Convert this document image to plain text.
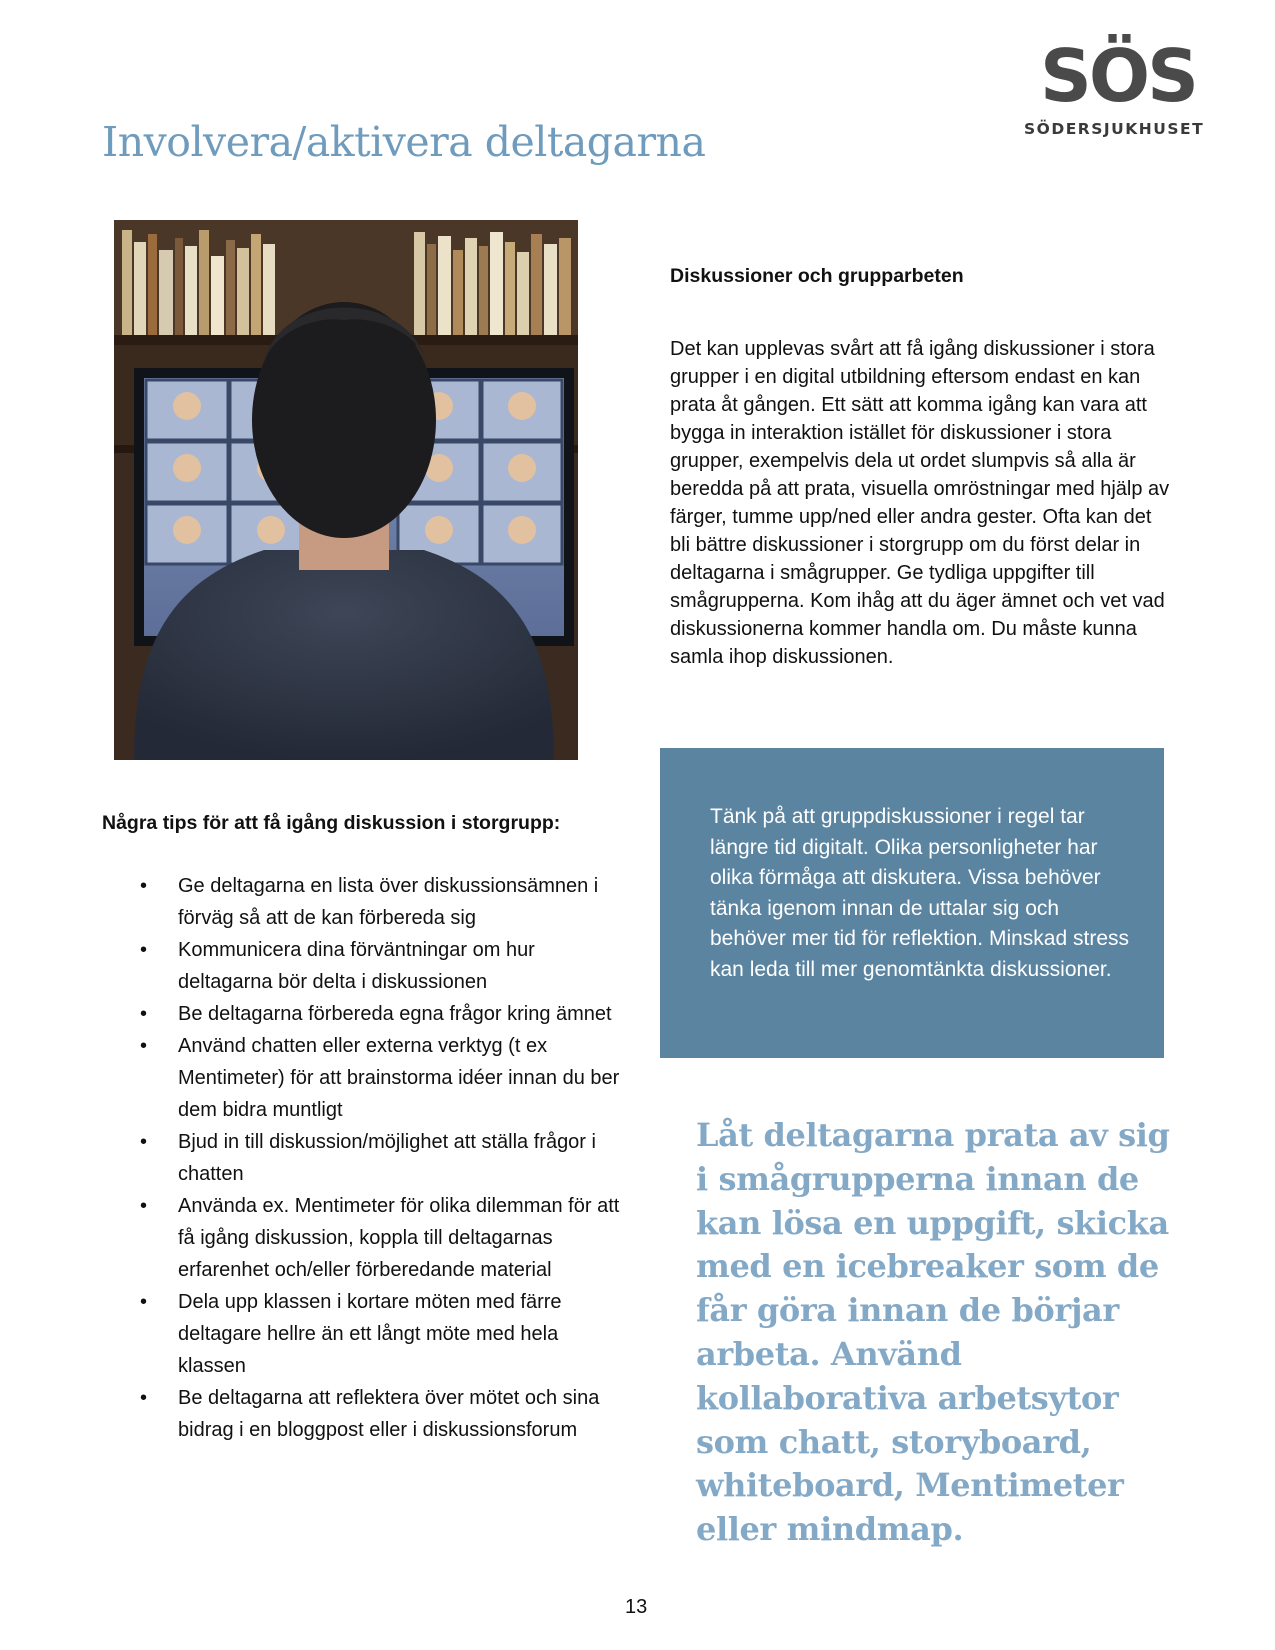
SÖS
SÖDERSJUKHUSET
Involvera/aktivera deltagarna
Diskussioner och grupparbeten

Det kan upplevas svårt att få igång diskussioner i stora grupper i en digital utbildning eftersom endast en kan prata åt gången. Ett sätt att komma igång kan vara att bygga in interaktion istället för diskussioner i stora grupper, exempelvis dela ut ordet slumpvis så alla är beredda på att prata, visuella omröstningar med hjälp av färger, tumme upp/ned eller andra gester. Ofta kan det bli bättre diskussioner i storgrupp om du först delar in deltagarna i smågrupper. Ge tydliga uppgifter till smågrupperna. Kom ihåg att du äger ämnet och vet vad diskussionerna kommer handla om. Du måste kunna samla ihop diskussionen.

Några tips för att få igång diskussion i storgrupp:
• Ge deltagarna en lista över diskussionsämnen i förväg så att de kan förbereda sig
• Kommunicera dina förväntningar om hur deltagarna bör delta i diskussionen
• Be deltagarna förbereda egna frågor kring ämnet
• Använd chatten eller externa verktyg (t ex Mentimeter) för att brainstorma idéer innan du ber dem bidra muntligt
• Bjud in till diskussion/möjlighet att ställa frågor i chatten
• Använda ex. Mentimeter för olika dilemman för att få igång diskussion, koppla till deltagarnas erfarenhet och/eller förberedande material
• Dela upp klassen i kortare möten med färre deltagare hellre än ett långt möte med hela klassen
• Be deltagarna att reflektera över mötet och sina bidrag i en bloggpost eller i diskussionsforum

Tänk på att gruppdiskussioner i regel tar längre tid digitalt. Olika personligheter har olika förmåga att diskutera. Vissa behöver tänka igenom innan de uttalar sig och behöver mer tid för reflektion. Minskad stress kan leda till mer genomtänkta diskussioner.

Låt deltagarna prata av sig i smågrupperna innan de kan lösa en uppgift, skicka med en icebreaker som de får göra innan de börjar arbeta. Använd kollaborativa arbetsytor som chatt, storyboard, whiteboard, Mentimeter eller mindmap.

13
